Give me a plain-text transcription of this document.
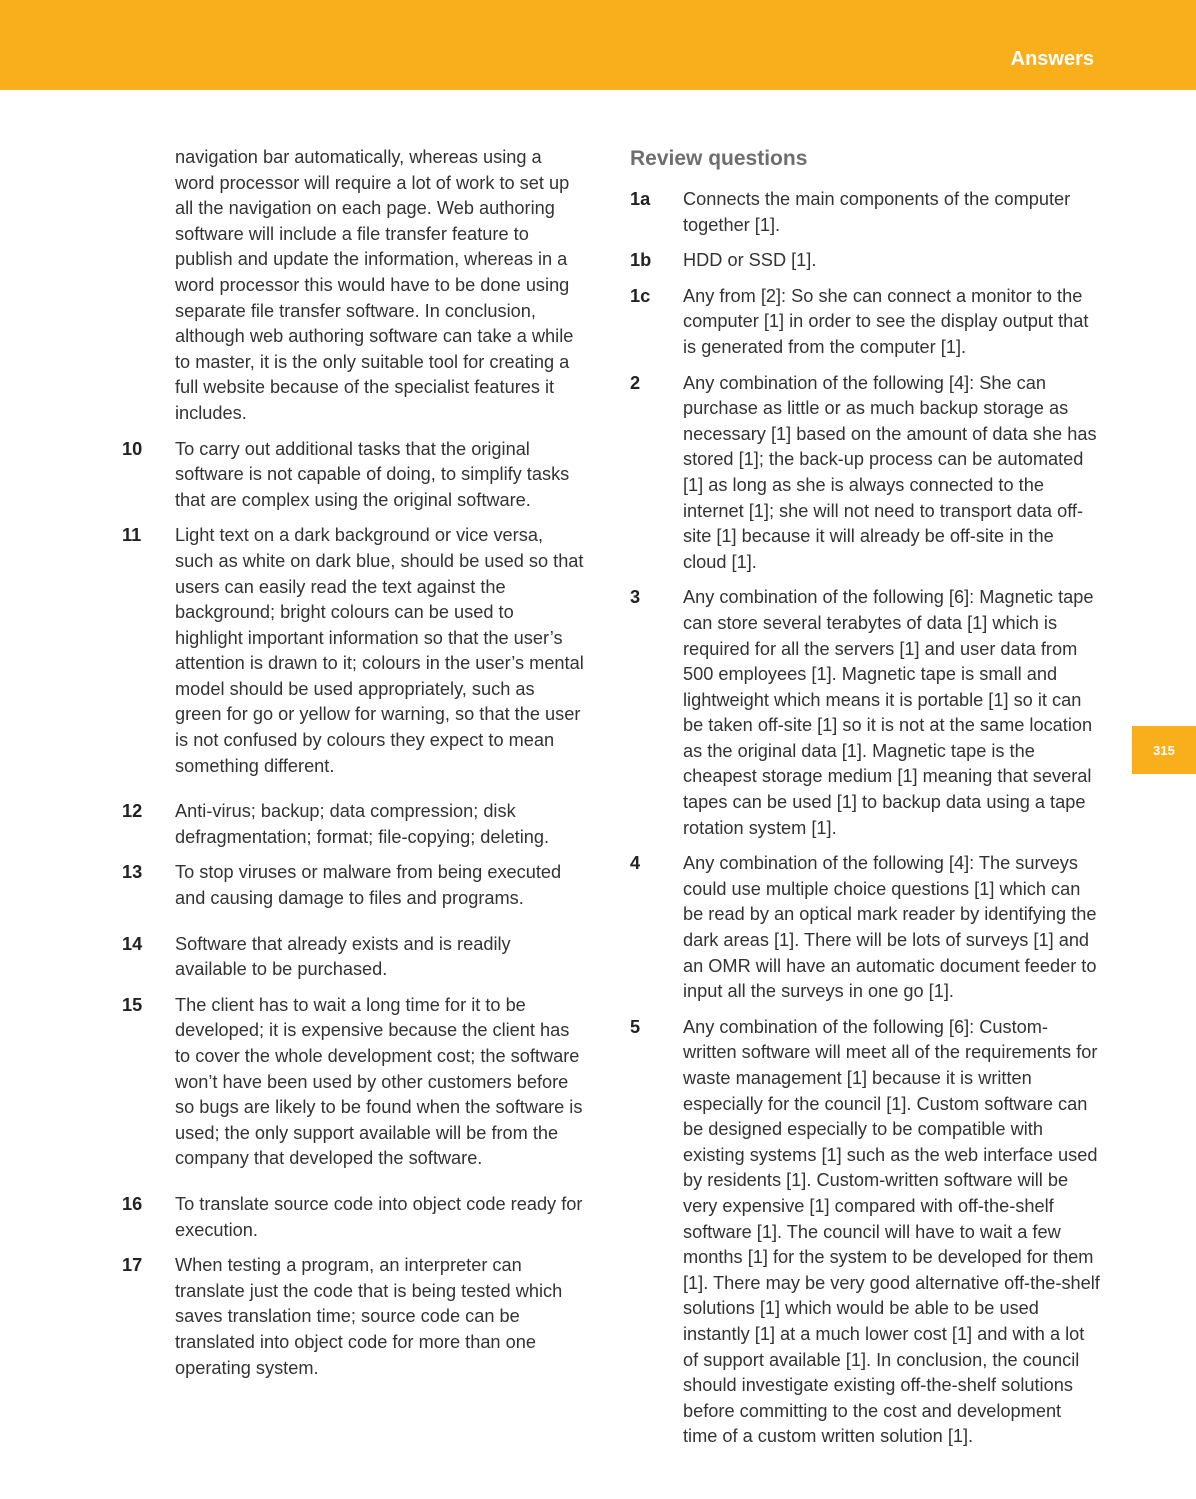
Answers
315
navigation bar automatically, whereas using a word processor will require a lot of work to set up all the navigation on each page. Web authoring software will include a file transfer feature to publish and update the information, whereas in a word processor this would have to be done using separate file transfer software. In conclusion, although web authoring software can take a while to master, it is the only suitable tool for creating a full website because of the specialist features it includes.
10	To carry out additional tasks that the original software is not capable of doing, to simplify tasks that are complex using the original software.
11	Light text on a dark background or vice versa, such as white on dark blue, should be used so that users can easily read the text against the background; bright colours can be used to highlight important information so that the user’s attention is drawn to it; colours in the user’s mental model should be used appropriately, such as green for go or yellow for warning, so that the user is not confused by colours they expect to mean something different.
12	Anti-virus; backup; data compression; disk defragmentation; format; file-copying; deleting.
13	To stop viruses or malware from being executed and causing damage to files and programs.
14	Software that already exists and is readily available to be purchased.
15	The client has to wait a long time for it to be developed; it is expensive because the client has to cover the whole development cost; the software won’t have been used by other customers before so bugs are likely to be found when the software is used; the only support available will be from the company that developed the software.
16	To translate source code into object code ready for execution.
17	When testing a program, an interpreter can translate just the code that is being tested which saves translation time; source code can be translated into object code for more than one operating system.
Review questions
1a	Connects the main components of the computer together [1].
1b	HDD or SSD [1].
1c	Any from [2]: So she can connect a monitor to the computer [1] in order to see the display output that is generated from the computer [1].
2	Any combination of the following [4]: She can purchase as little or as much backup storage as necessary [1] based on the amount of data she has stored [1]; the back-up process can be automated [1] as long as she is always connected to the internet [1]; she will not need to transport data off-site [1] because it will already be off-site in the cloud [1].
3	Any combination of the following [6]: Magnetic tape can store several terabytes of data [1] which is required for all the servers [1] and user data from 500 employees [1]. Magnetic tape is small and lightweight which means it is portable [1] so it can be taken off-site [1] so it is not at the same location as the original data [1]. Magnetic tape is the cheapest storage medium [1] meaning that several tapes can be used [1] to backup data using a tape rotation system [1].
4	Any combination of the following [4]: The surveys could use multiple choice questions [1] which can be read by an optical mark reader by identifying the dark areas [1]. There will be lots of surveys [1] and an OMR will have an automatic document feeder to input all the surveys in one go [1].
5	Any combination of the following [6]: Custom-written software will meet all of the requirements for waste management [1] because it is written especially for the council [1]. Custom software can be designed especially to be compatible with existing systems [1] such as the web interface used by residents [1]. Custom-written software will be very expensive [1] compared with off-the-shelf software [1]. The council will have to wait a few months [1] for the system to be developed for them [1]. There may be very good alternative off-the-shelf solutions [1] which would be able to be used instantly [1] at a much lower cost [1] and with a lot of support available [1]. In conclusion, the council should investigate existing off-the-shelf solutions before committing to the cost and development time of a custom written solution [1].
